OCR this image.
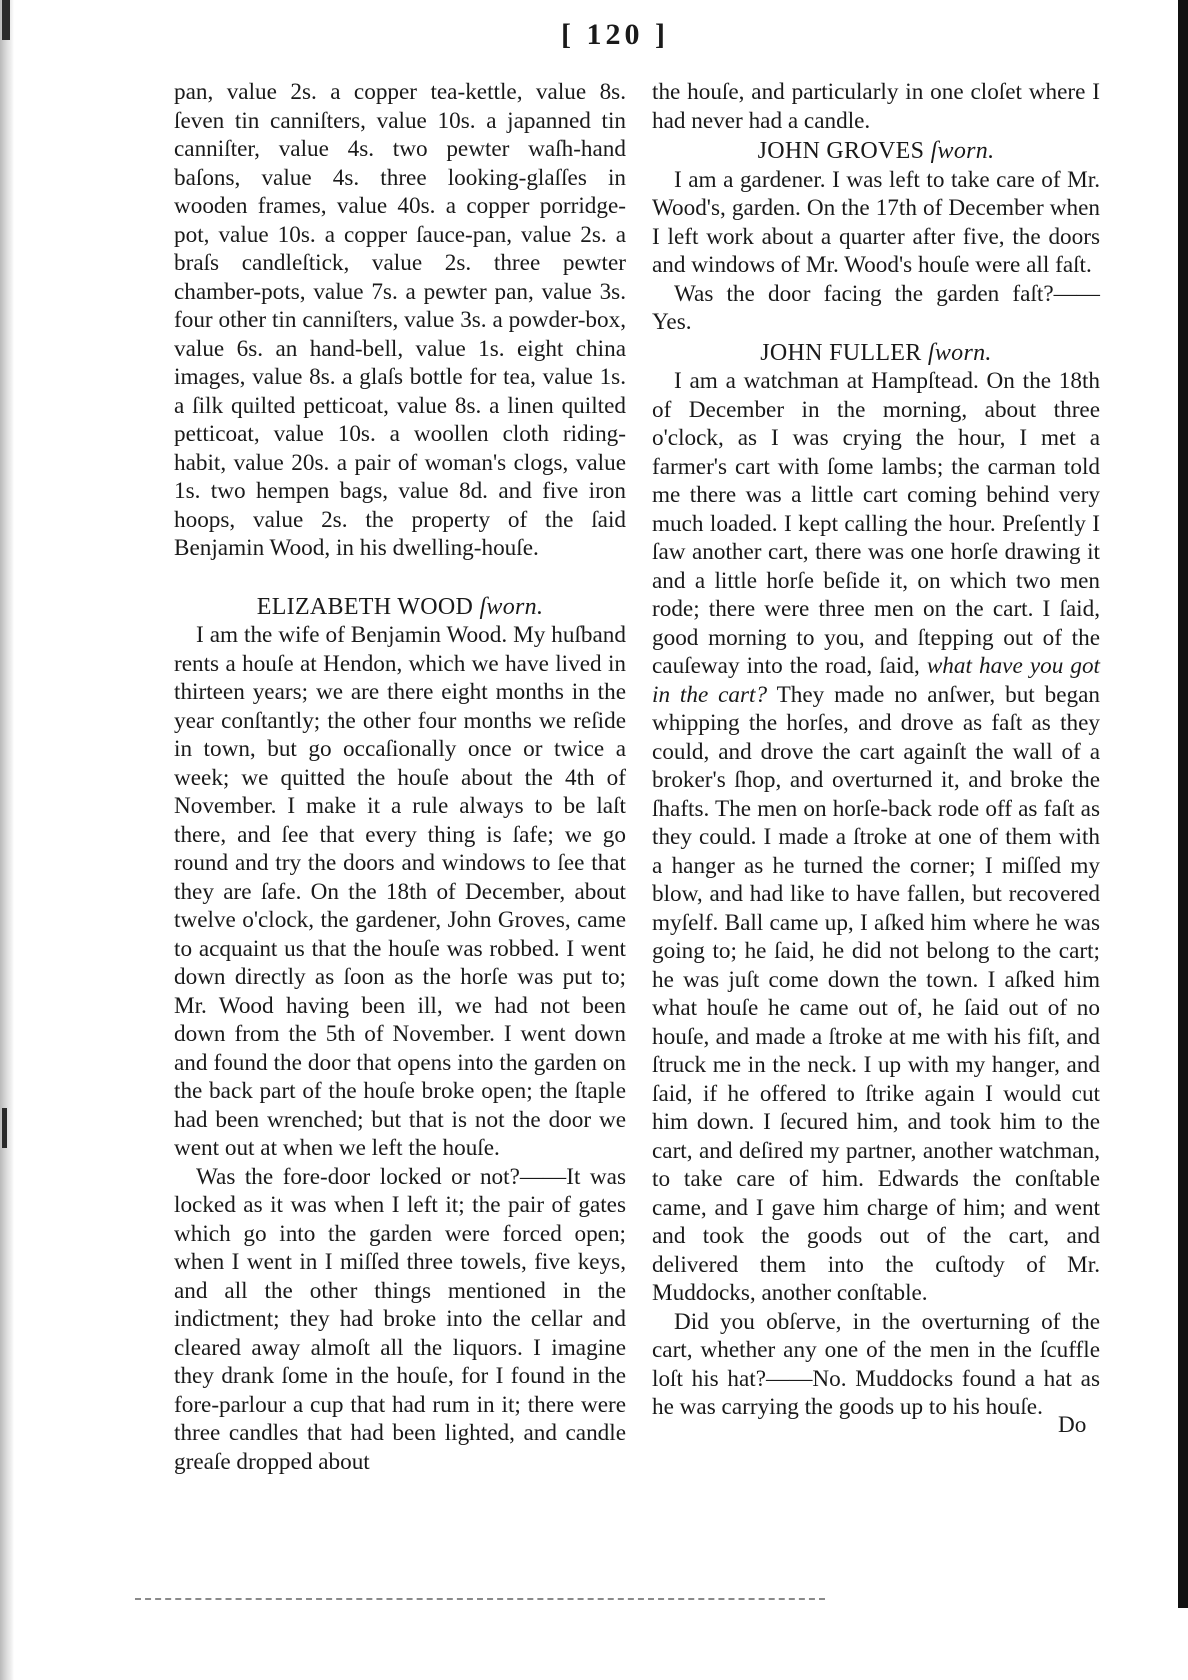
[ 120 ]

pan, value 2s. a copper tea-kettle, value 8s. ſeven tin canniſters, value 10s. a japanned tin canniſter, value 4s. two pewter waſh-hand baſons, value 4s. three looking-glaſſes in wooden frames, value 40s. a copper porridge-pot, value 10s. a copper ſauce-pan, value 2s. a braſs candleſtick, value 2s. three pewter chamber-pots, value 7s. a pewter pan, value 3s. four other tin canniſters, value 3s. a powder-box, value 6s. an hand-bell, value 1s. eight china images, value 8s. a glaſs bottle for tea, value 1s. a ſilk quilted petticoat, value 8s. a linen quilted petticoat, value 10s. a woollen cloth riding-habit, value 20s. a pair of woman's clogs, value 1s. two hempen bags, value 8d. and five iron hoops, value 2s. the property of the ſaid Benjamin Wood, in his dwelling-houſe.

ELIZABETH WOOD ſworn.

I am the wife of Benjamin Wood. My huſband rents a houſe at Hendon, which we have lived in thirteen years; we are there eight months in the year conſtantly; the other four months we reſide in town, but go occaſionally once or twice a week; we quitted the houſe about the 4th of November. I make it a rule always to be laſt there, and ſee that every thing is ſafe; we go round and try the doors and windows to ſee that they are ſafe. On the 18th of December, about twelve o'clock, the gardener, John Groves, came to acquaint us that the houſe was robbed. I went down directly as ſoon as the horſe was put to; Mr. Wood having been ill, we had not been down from the 5th of November. I went down and found the door that opens into the garden on the back part of the houſe broke open; the ſtaple had been wrenched; but that is not the door we went out at when we left the houſe.

Was the fore-door locked or not?——It was locked as it was when I left it; the pair of gates which go into the garden were forced open; when I went in I miſſed three towels, five keys, and all the other things mentioned in the indictment; they had broke into the cellar and cleared away almoſt all the liquors. I imagine they drank ſome in the houſe, for I found in the fore-parlour a cup that had rum in it; there were three candles that had been lighted, and candle greaſe dropped about

the houſe, and particularly in one cloſet where I had never had a candle.

JOHN GROVES ſworn.

I am a gardener. I was left to take care of Mr. Wood's, garden. On the 17th of December when I left work about a quarter after five, the doors and windows of Mr. Wood's houſe were all faſt.

Was the door facing the garden faſt?—— Yes.

JOHN FULLER ſworn.

I am a watchman at Hampſtead. On the 18th of December in the morning, about three o'clock, as I was crying the hour, I met a farmer's cart with ſome lambs; the carman told me there was a little cart coming behind very much loaded. I kept calling the hour. Preſently I ſaw another cart, there was one horſe drawing it and a little horſe beſide it, on which two men rode; there were three men on the cart. I ſaid, good morning to you, and ſtepping out of the cauſeway into the road, ſaid, what have you got in the cart? They made no anſwer, but began whipping the horſes, and drove as faſt as they could, and drove the cart againſt the wall of a broker's ſhop, and overturned it, and broke the ſhafts. The men on horſe-back rode off as faſt as they could. I made a ſtroke at one of them with a hanger as he turned the corner; I miſſed my blow, and had like to have fallen, but recovered myſelf. Ball came up, I aſked him where he was going to; he ſaid, he did not belong to the cart; he was juſt come down the town. I aſked him what houſe he came out of, he ſaid out of no houſe, and made a ſtroke at me with his fiſt, and ſtruck me in the neck. I up with my hanger, and ſaid, if he offered to ſtrike again I would cut him down. I ſecured him, and took him to the cart, and deſired my partner, another watchman, to take care of him. Edwards the conſtable came, and I gave him charge of him; and went and took the goods out of the cart, and delivered them into the cuſtody of Mr. Muddocks, another conſtable.

Did you obſerve, in the overturning of the cart, whether any one of the men in the ſcuffle loſt his hat?——No. Muddocks found a hat as he was carrying the goods up to his houſe.

Do
